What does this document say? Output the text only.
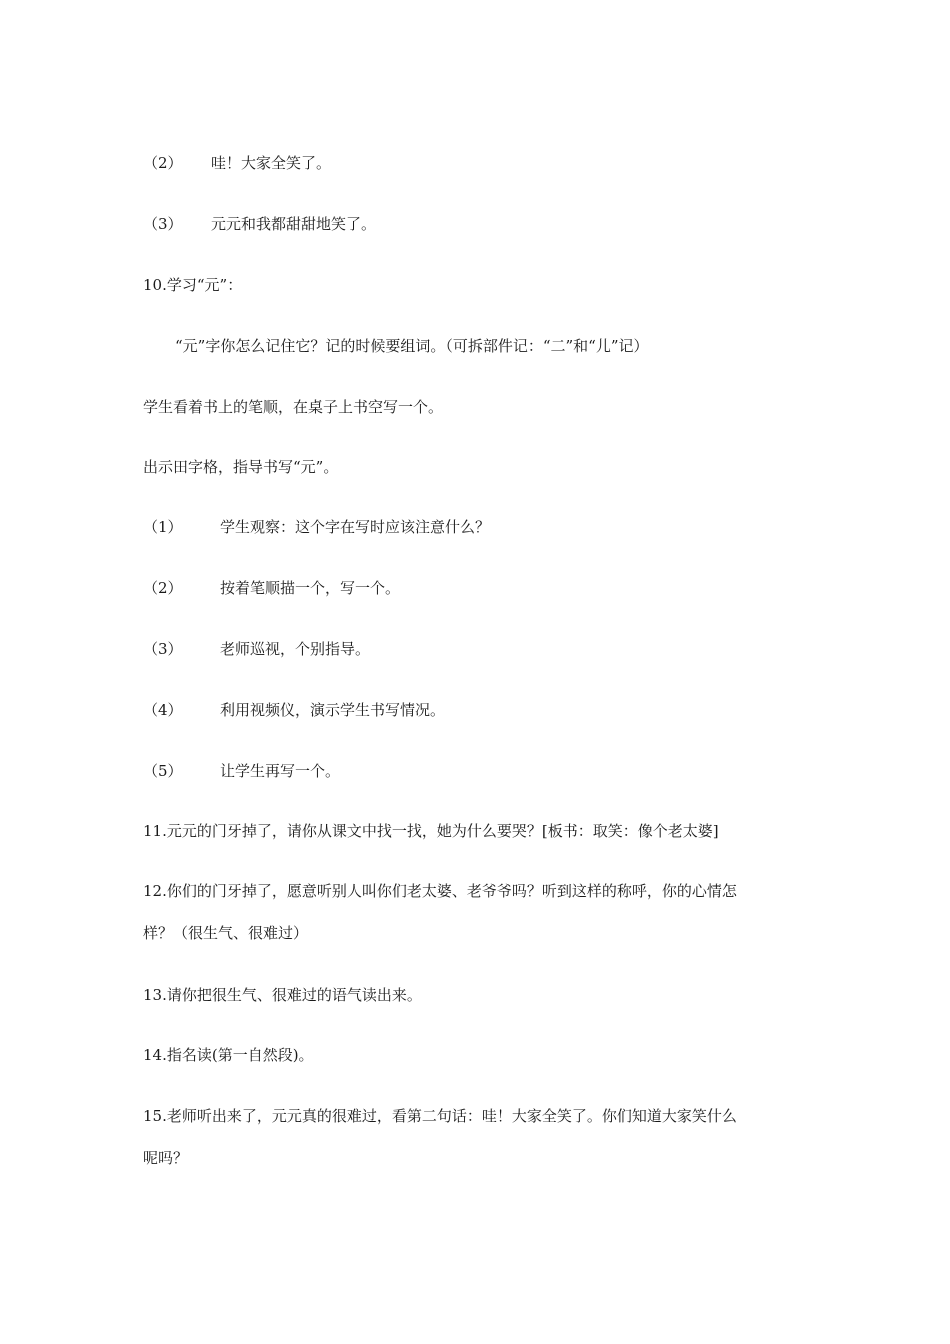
（2） 哇！大家全笑了。
（3） 元元和我都甜甜地笑了。
10.学习“元”：
“元”字你怎么记住它？记的时候要组词。（可拆部件记：“二”和“儿”记）
学生看着书上的笔顺，在桌子上书空写一个。
出示田字格，指导书写“元”。
（1） 学生观察：这个字在写时应该注意什么？
（2） 按着笔顺描一个，写一个。
（3） 老师巡视，个别指导。
（4） 利用视频仪，演示学生书写情况。
（5） 让学生再写一个。
11.元元的门牙掉了，请你从课文中找一找，她为什么要哭？[板书：取笑：像个老太婆]
12.你们的门牙掉了，愿意听别人叫你们老太婆、老爷爷吗？听到这样的称呼，你的心情怎
样？（很生气、很难过）
13.请你把很生气、很难过的语气读出来。
14.指名读(第一自然段)。
15.老师听出来了，元元真的很难过，看第二句话：哇！大家全笑了。你们知道大家笑什么
呢吗？
